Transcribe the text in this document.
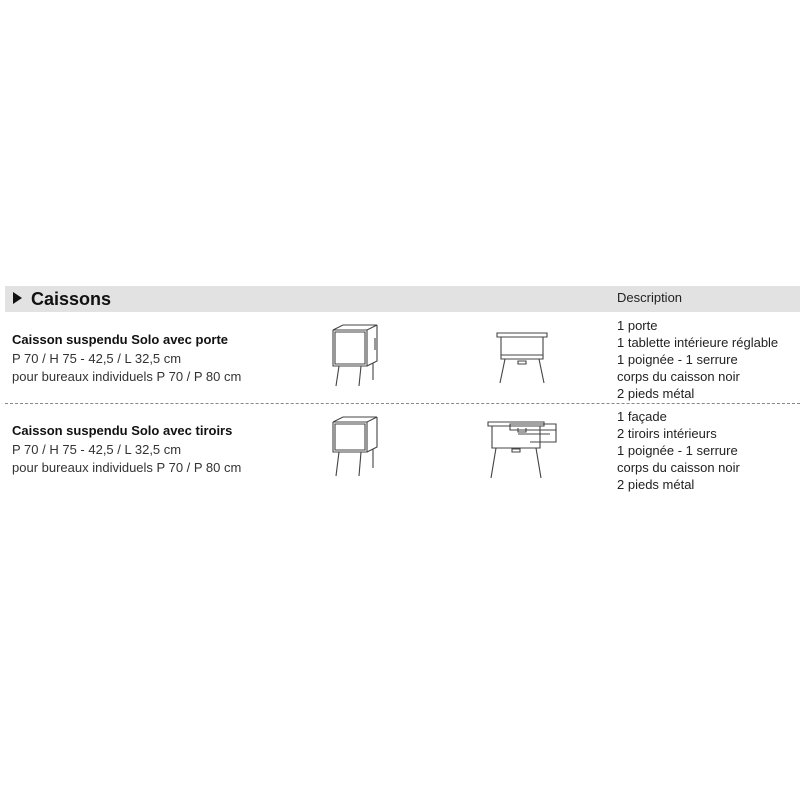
Caissons	Description
Caisson suspendu Solo avec porte
P 70 / H 75 - 42,5 / L 32,5 cm
pour bureaux individuels P 70 / P 80 cm
1 porte
1 tablette intérieure réglable
1 poignée - 1 serrure
corps du caisson noir
2 pieds métal
Caisson suspendu Solo avec tiroirs
P 70 / H 75 - 42,5 / L 32,5 cm
pour bureaux individuels P 70 / P 80 cm
1 façade
2 tiroirs intérieurs
1 poignée - 1 serrure
corps du caisson noir
2 pieds métal
